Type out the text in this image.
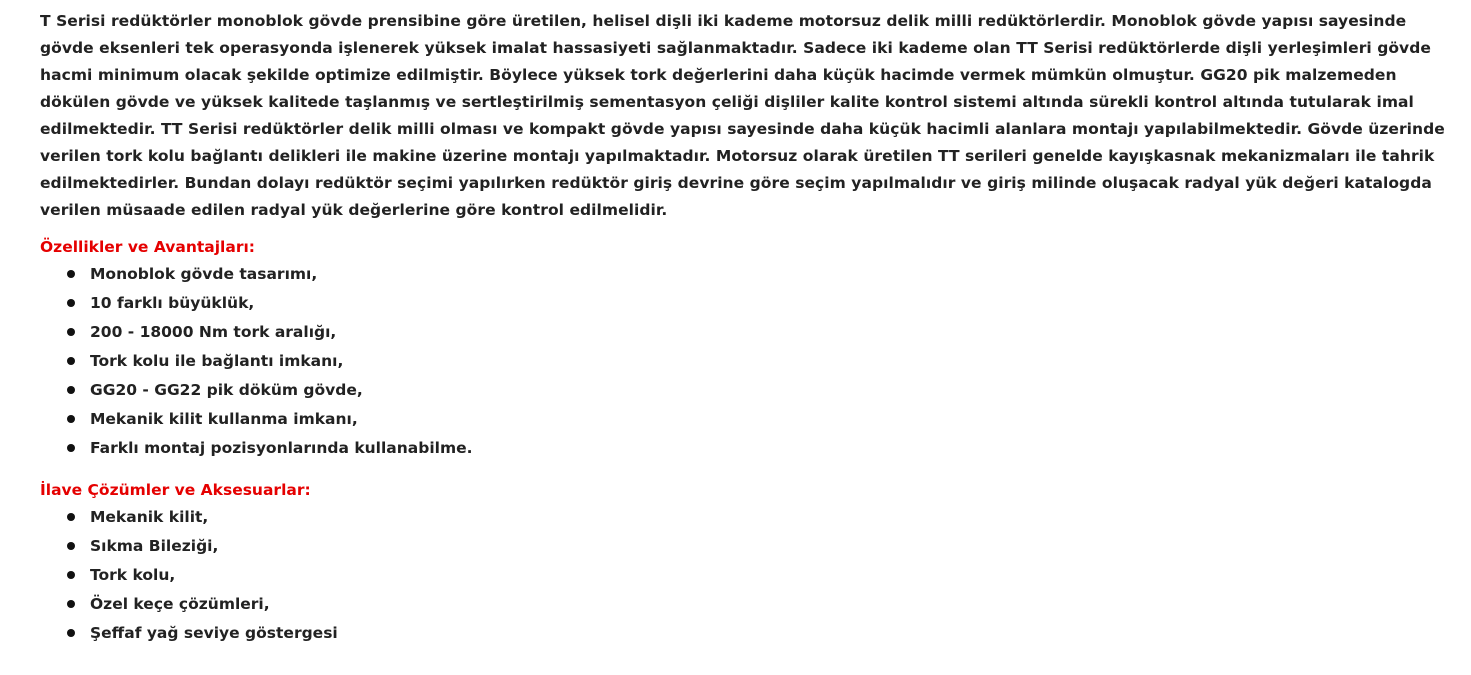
T Serisi redüktörler monoblok gövde prensibine göre üretilen, helisel dişli iki kademe motorsuz delik milli redüktörlerdir. Monoblok gövde yapısı sayesinde gövde eksenleri tek operasyonda işlenerek yüksek imalat hassasiyeti sağlanmaktadır. Sadece iki kademe olan TT Serisi redüktörlerde dişli yerleşimleri gövde hacmi minimum olacak şekilde optimize edilmiştir. Böylece yüksek tork değerlerini daha küçük hacimde vermek mümkün olmuştur. GG20 pik malzemeden dökülen gövde ve yüksek kalitede taşlanmış ve sertleştirilmiş sementasyon çeliği dişliler kalite kontrol sistemi altında sürekli kontrol altında tutularak imal edilmektedir. TT Serisi redüktörler delik milli olması ve kompakt gövde yapısı sayesinde daha küçük hacimli alanlara montajı yapılabilmektedir. Gövde üzerinde verilen tork kolu bağlantı delikleri ile makine üzerine montajı yapılmaktadır. Motorsuz olarak üretilen TT serileri genelde kayışkasnak mekanizmaları ile tahrik edilmektedirler. Bundan dolayı redüktör seçimi yapılırken redüktör giriş devrine göre seçim yapılmalıdır ve giriş milinde oluşacak radyal yük değeri katalogda verilen müsaade edilen radyal yük değerlerine göre kontrol edilmelidir.

Özellikler ve Avantajları:
Monoblok gövde tasarımı,
10 farklı büyüklük,
200 - 18000 Nm tork aralığı,
Tork kolu ile bağlantı imkanı,
GG20 - GG22 pik döküm gövde,
Mekanik kilit kullanma imkanı,
Farklı montaj pozisyonlarında kullanabilme.
İlave Çözümler ve Aksesuarlar:
Mekanik kilit,
Sıkma Bileziği,
Tork kolu,
Özel keçe çözümleri,
Şeffaf yağ seviye göstergesi
